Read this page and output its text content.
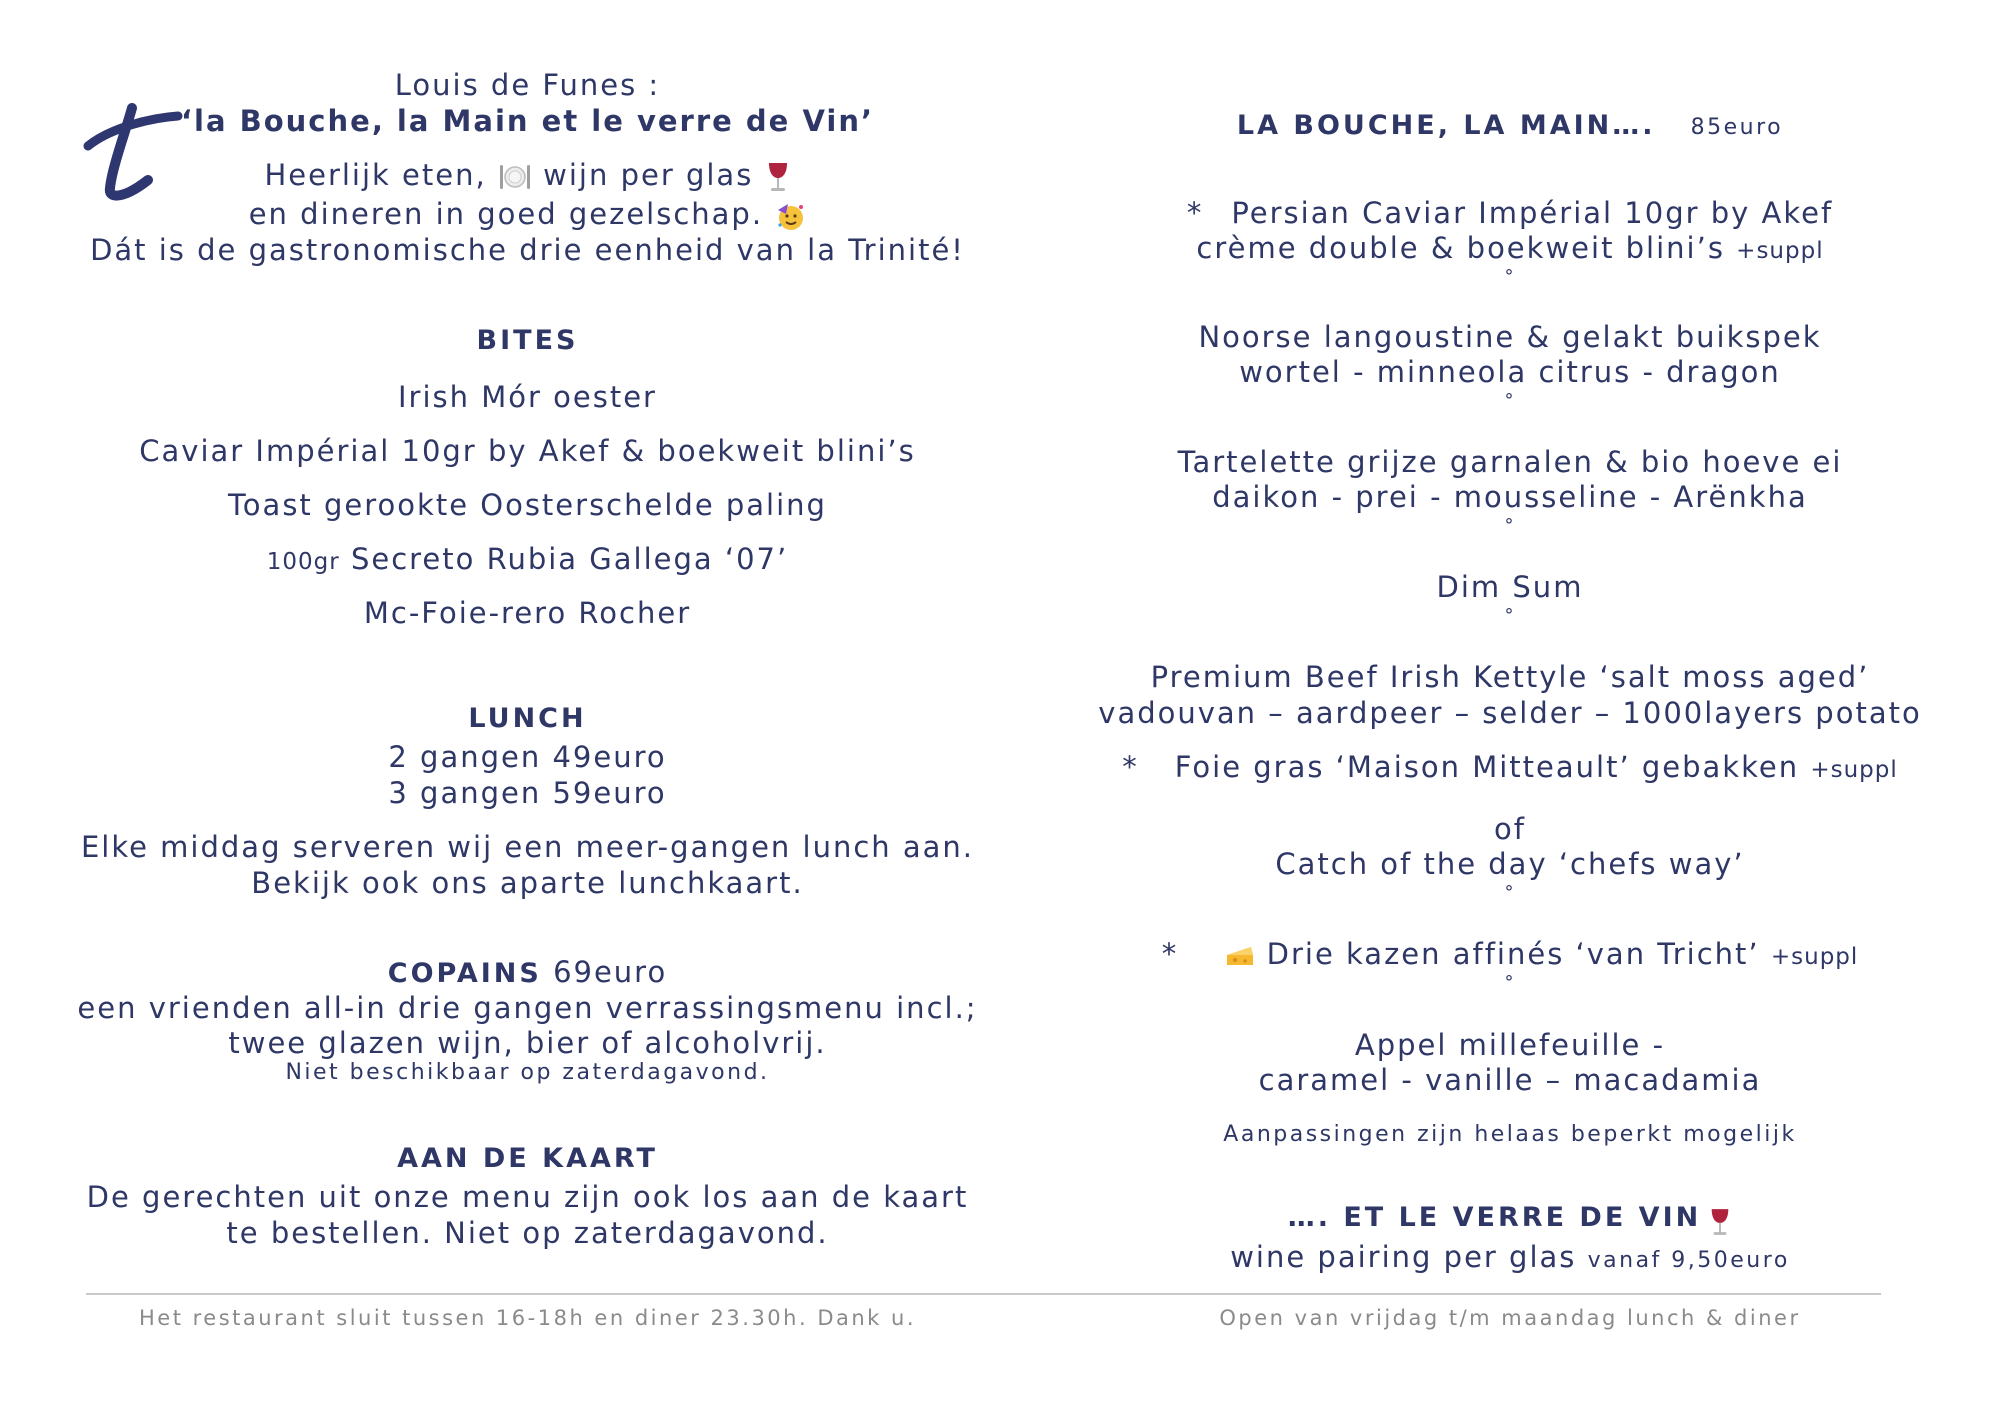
Louis de Funes :
‘la Bouche, la Main et le verre de Vin’
Heerlijk eten, wijn per glas
en dineren in goed gezelschap.
Dát is de gastronomische drie eenheid van la Trinité!
BITES
Irish Mór oester
Caviar Impérial 10gr by Akef & boekweit blini’s
Toast gerookte Oosterschelde paling
100gr Secreto Rubia Gallega ‘07’
Mc-Foie-rero Rocher
LUNCH
2 gangen 49euro
3 gangen 59euro
Elke middag serveren wij een meer-gangen lunch aan.
Bekijk ook ons aparte lunchkaart.
COPAINS 69euro
een vrienden all-in drie gangen verrassingsmenu incl.;
twee glazen wijn, bier of alcoholvrij.
Niet beschikbaar op zaterdagavond.
AAN DE KAART
De gerechten uit onze menu zijn ook los aan de kaart
te bestellen. Niet op zaterdagavond.
Het restaurant sluit tussen 16-18h en diner 23.30h. Dank u.
LA BOUCHE, LA MAIN…. 85euro
* Persian Caviar Impérial 10gr by Akef
crème double & boekweit blini’s +suppl
°
Noorse langoustine & gelakt buikspek
wortel - minneola citrus - dragon
°
Tartelette grijze garnalen & bio hoeve ei
daikon - prei - mousseline - Arënkha
°
Dim Sum
°
Premium Beef Irish Kettyle ‘salt moss aged’
vadouvan – aardpeer – selder – 1000layers potato
* Foie gras ‘Maison Mitteault’ gebakken +suppl
of
Catch of the day ‘chefs way’
°
*	Drie kazen affinés ‘van Tricht’ +suppl
°
Appel millefeuille -
caramel - vanille – macadamia
Aanpassingen zijn helaas beperkt mogelijk
…. ET LE VERRE DE VIN
wine pairing per glas vanaf 9,50euro
Open van vrijdag t/m maandag lunch & diner
